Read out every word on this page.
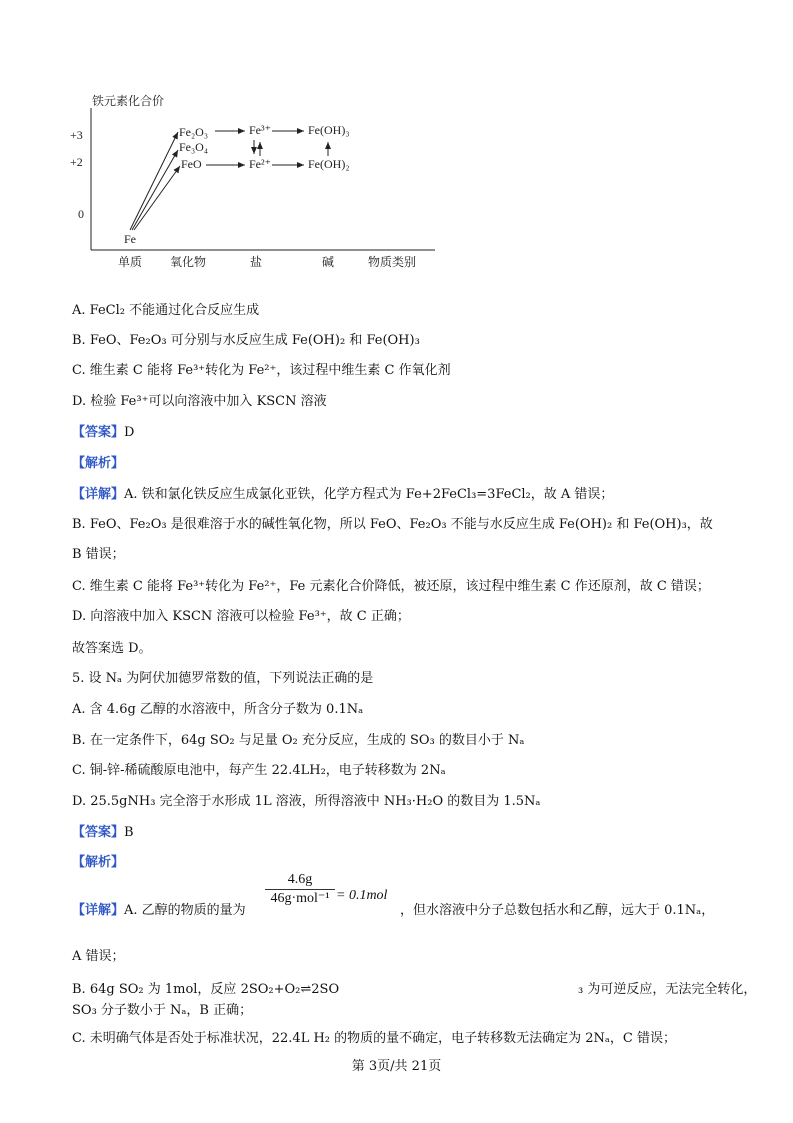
铁元素化合价
+3
+2
0
单质 氧化物	盐	碱	物质类别
Fe
Fe₂O₃
Fe₃O₄
FeO
Fe³⁺
Fe²⁺
Fe(OH)₃
Fe(OH)₂
A. FeCl₂ 不能通过化合反应生成
B. FeO、Fe₂O₃ 可分别与水反应生成 Fe(OH)₂ 和 Fe(OH)₃
C. 维生素 C 能将 Fe³⁺转化为 Fe²⁺，该过程中维生素 C 作氧化剂
D. 检验 Fe³⁺可以向溶液中加入 KSCN 溶液
【答案】D
【解析】
【详解】A. 铁和氯化铁反应生成氯化亚铁，化学方程式为 Fe+2FeCl₃=3FeCl₂，故 A 错误；
B. FeO、Fe₂O₃ 是很难溶于水的碱性氧化物，所以 FeO、Fe₂O₃ 不能与水反应生成 Fe(OH)₂ 和 Fe(OH)₃，故
B 错误；
C. 维生素 C 能将 Fe³⁺转化为 Fe²⁺，Fe 元素化合价降低，被还原，该过程中维生素 C 作还原剂，故 C 错误；
D. 向溶液中加入 KSCN 溶液可以检验 Fe³⁺，故 C 正确；
故答案选 D。
5. 设 Nₐ 为阿伏加德罗常数的值，下列说法正确的是
A. 含 4.6g 乙醇的水溶液中，所含分子数为 0.1Nₐ
B. 在一定条件下，64g SO₂ 与足量 O₂ 充分反应，生成的 SO₃ 的数目小于 Nₐ
C. 铜-锌-稀硫酸原电池中，每产生 22.4LH₂，电子转移数为 2Nₐ
D. 25.5gNH₃ 完全溶于水形成 1L 溶液，所得溶液中 NH₃·H₂O 的数目为 1.5Nₐ
【答案】B
【解析】
【详解】A. 乙醇的物质的量为
4.6g
46g·mol⁻¹ = 0.1mol
，但水溶液中分子总数包括水和乙醇，远大于 0.1Nₐ，
A 错误；
B. 64g SO₂ 为 1mol，反应 2SO₂+O₂⇌2SO	₃ 为可逆反应，无法完全转化，
SO₃ 分子数小于 Nₐ，B 正确；
C. 未明确气体是否处于标准状况，22.4L H₂ 的物质的量不确定，电子转移数无法确定为 2Nₐ，C 错误；
第 3页/共 21页
